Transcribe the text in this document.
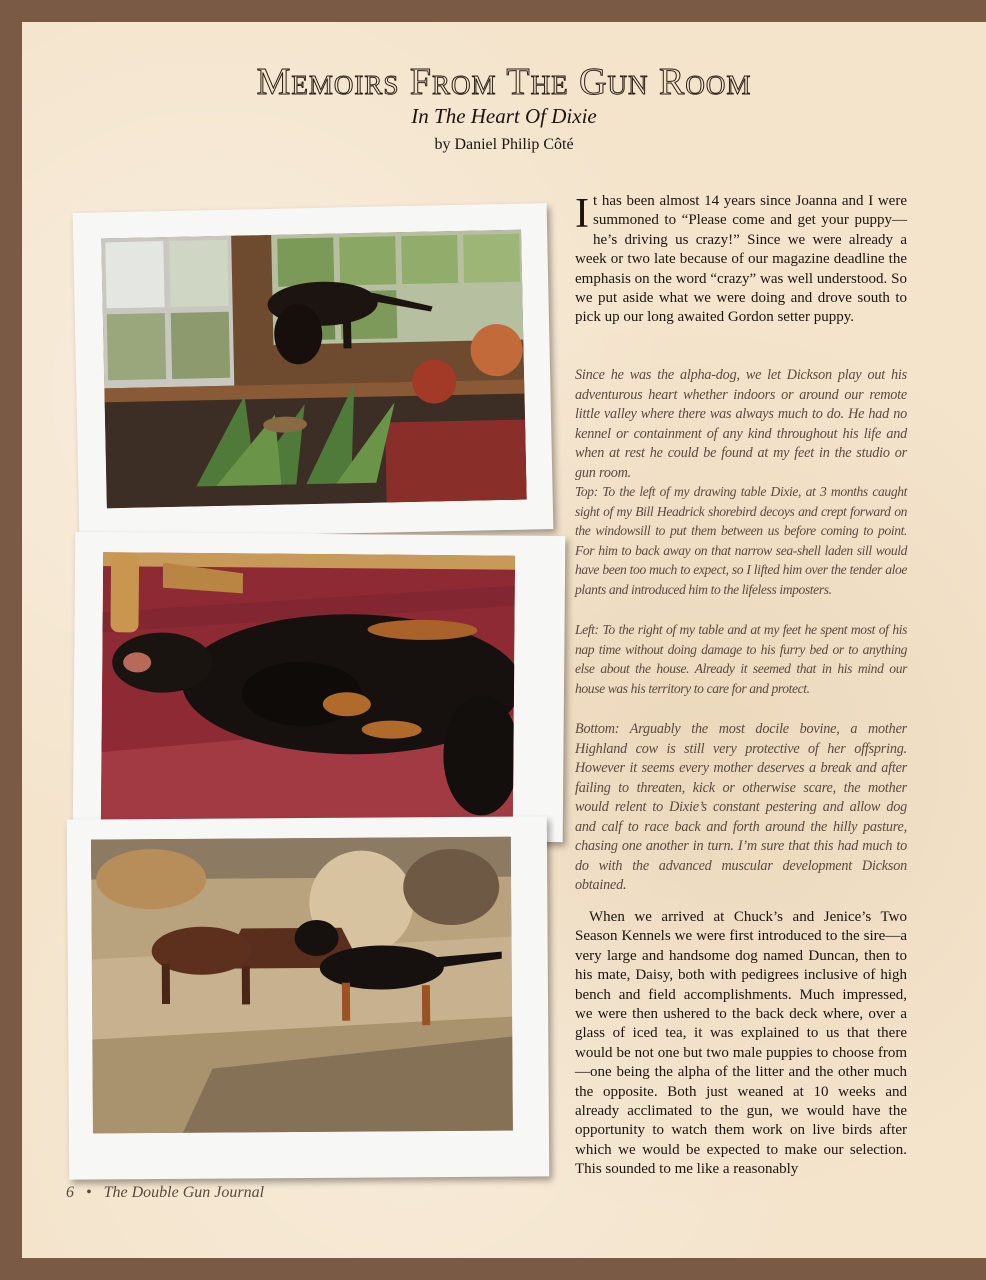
Memoirs From The Gun Room
In The Heart Of Dixie
by Daniel Philip Côté
It has been almost 14 years since Joanna and I were summoned to “Please come and get your puppy—he’s driving us crazy!” Since we were already a week or two late because of our magazine deadline the emphasis on the word “crazy” was well understood. So we put aside what we were doing and drove south to pick up our long awaited Gordon setter puppy.
Since he was the alpha-dog, we let Dickson play out his adventurous heart whether indoors or around our remote little valley where there was always much to do. He had no kennel or containment of any kind throughout his life and when at rest he could be found at my feet in the studio or gun room.
Top: To the left of my drawing table Dixie, at 3 months caught sight of my Bill Headrick shorebird decoys and crept forward on the windowsill to put them between us before coming to point. For him to back away on that narrow sea-shell laden sill would have been too much to expect, so I lifted him over the tender aloe plants and introduced him to the lifeless imposters.
Left: To the right of my table and at my feet he spent most of his nap time without doing damage to his furry bed or to anything else about the house. Already it seemed that in his mind our house was his territory to care for and protect.
Bottom: Arguably the most docile bovine, a mother Highland cow is still very protective of her offspring. However it seems every mother deserves a break and after failing to threaten, kick or otherwise scare, the mother would relent to Dixie’s constant pestering and allow dog and calf to race back and forth around the hilly pasture, chasing one another in turn. I’m sure that this had much to do with the advanced muscular development Dickson obtained.
When we arrived at Chuck’s and Jenice’s Two Season Kennels we were first introduced to the sire—a very large and handsome dog named Duncan, then to his mate, Daisy, both with pedigrees inclusive of high bench and field accomplishments. Much impressed, we were then ushered to the back deck where, over a glass of iced tea, it was explained to us that there would be not one but two male puppies to choose from—one being the alpha of the litter and the other much the opposite. Both just weaned at 10 weeks and already acclimated to the gun, we would have the opportunity to watch them work on live birds after which we would be expected to make our selection. This sounded to me like a reasonably
6 • The Double Gun Journal
